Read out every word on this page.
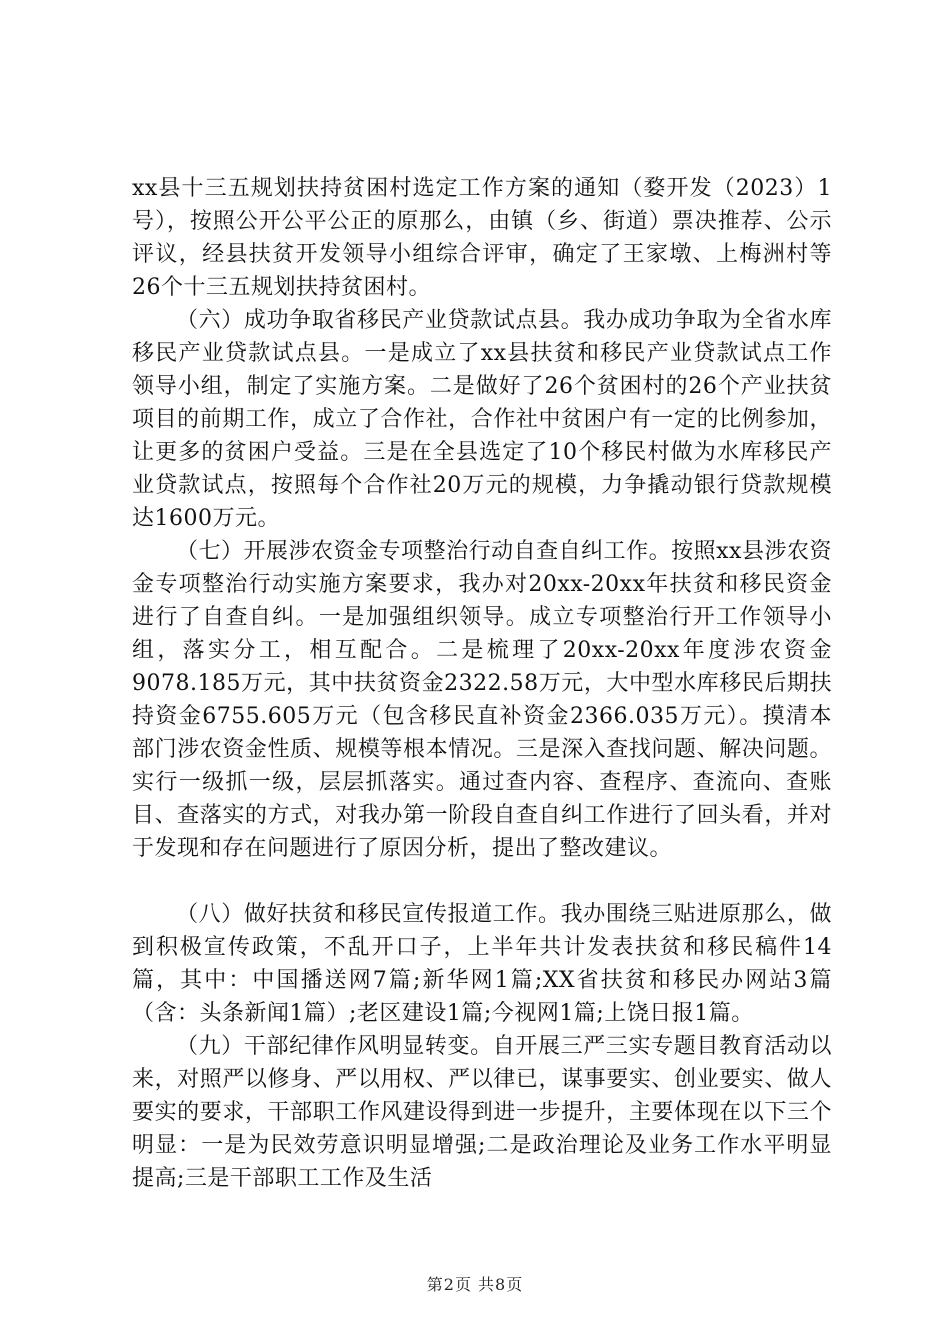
xx县十三五规划扶持贫困村选定工作方案的通知（婺开发（2023）1号），按照公开公平公正的原那么，由镇（乡、街道）票决推荐、公示评议，经县扶贫开发领导小组综合评审，确定了王家墩、上梅洲村等26个十三五规划扶持贫困村。

（六）成功争取省移民产业贷款试点县。我办成功争取为全省水库移民产业贷款试点县。一是成立了xx县扶贫和移民产业贷款试点工作领导小组，制定了实施方案。二是做好了26个贫困村的26个产业扶贫项目的前期工作，成立了合作社，合作社中贫困户有一定的比例参加，让更多的贫困户受益。三是在全县选定了10个移民村做为水库移民产业贷款试点，按照每个合作社20万元的规模，力争撬动银行贷款规模达1600万元。

（七）开展涉农资金专项整治行动自查自纠工作。按照xx县涉农资金专项整治行动实施方案要求，我办对20xx-20xx年扶贫和移民资金进行了自查自纠。一是加强组织领导。成立专项整治行开工作领导小组，落实分工，相互配合。二是梳理了20xx-20xx年度涉农资金9078.185万元，其中扶贫资金2322.58万元，大中型水库移民后期扶持资金6755.605万元（包含移民直补资金2366.035万元）。摸清本部门涉农资金性质、规模等根本情况。三是深入查找问题、解决问题。实行一级抓一级，层层抓落实。通过查内容、查程序、查流向、查账目、查落实的方式，对我办第一阶段自查自纠工作进行了回头看，并对于发现和存在问题进行了原因分析，提出了整改建议。

（八）做好扶贫和移民宣传报道工作。我办围绕三贴进原那么，做到积极宣传政策，不乱开口子，上半年共计发表扶贫和移民稿件14篇，其中：中国播送网7篇;新华网1篇;XX省扶贫和移民办网站3篇（含：头条新闻1篇）;老区建设1篇;今视网1篇;上饶日报1篇。

（九）干部纪律作风明显转变。自开展三严三实专题目教育活动以来，对照严以修身、严以用权、严以律已，谋事要实、创业要实、做人要实的要求，干部职工作风建设得到进一步提升，主要体现在以下三个明显：一是为民效劳意识明显增强;二是政治理论及业务工作水平明显提高;三是干部职工工作及生活

第2页 共8页
